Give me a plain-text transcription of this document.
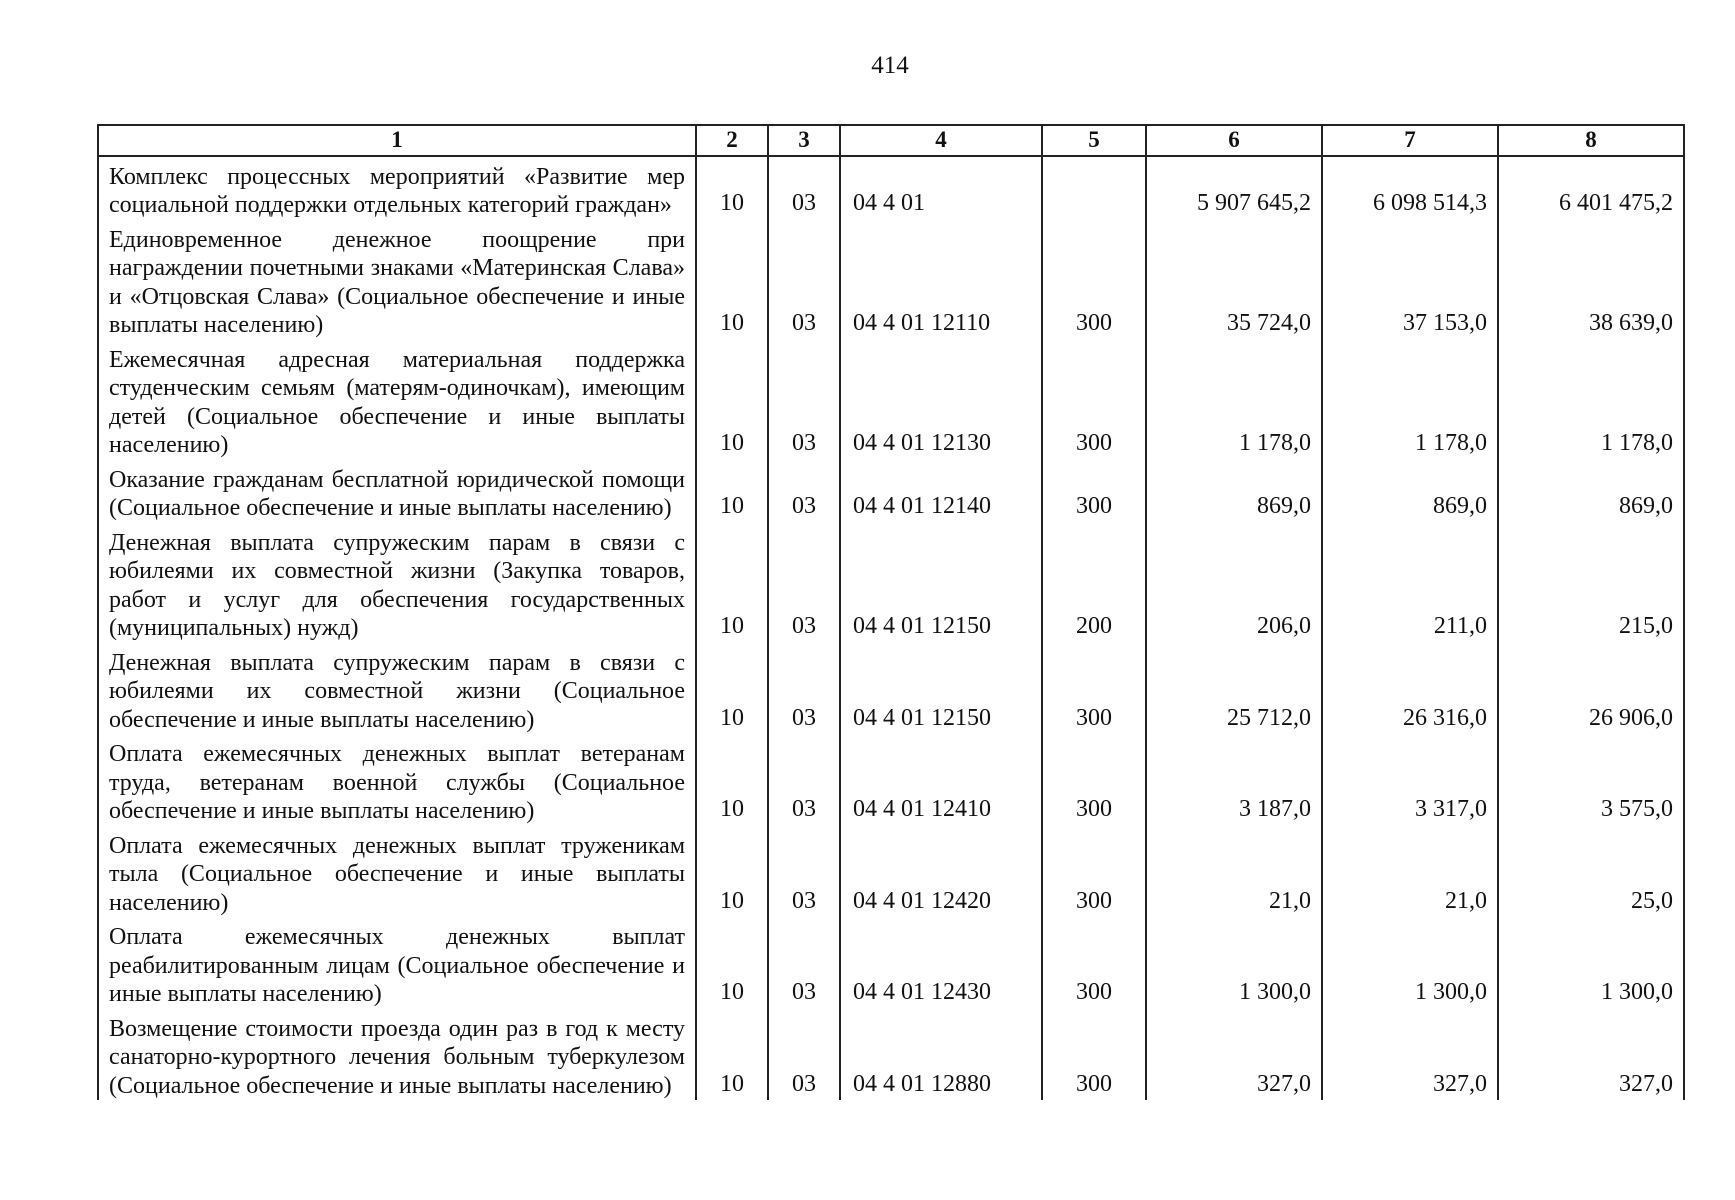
414
1	2	3	4	5	6	7	8
Комплекс процессных мероприятий «Развитие мер социальной поддержки отдельных категорий граждан»	10	03	04 4 01		5 907 645,2	6 098 514,3	6 401 475,2
Единовременное денежное поощрение при награждении почетными знаками «Материнская Слава» и «Отцовская Слава» (Социальное обеспечение и иные выплаты населению)	10	03	04 4 01 12110	300	35 724,0	37 153,0	38 639,0
Ежемесячная адресная материальная поддержка студенческим семьям (матерям-одиночкам), имеющим детей (Социальное обеспечение и иные выплаты населению)	10	03	04 4 01 12130	300	1 178,0	1 178,0	1 178,0
Оказание гражданам бесплатной юридической помощи (Социальное обеспечение и иные выплаты населению)	10	03	04 4 01 12140	300	869,0	869,0	869,0
Денежная выплата супружеским парам в связи с юбилеями их совместной жизни (Закупка товаров, работ и услуг для обеспечения государственных (муниципальных) нужд)	10	03	04 4 01 12150	200	206,0	211,0	215,0
Денежная выплата супружеским парам в связи с юбилеями их совместной жизни (Социальное обеспечение и иные выплаты населению)	10	03	04 4 01 12150	300	25 712,0	26 316,0	26 906,0
Оплата ежемесячных денежных выплат ветеранам труда, ветеранам военной службы (Социальное обеспечение и иные выплаты населению)	10	03	04 4 01 12410	300	3 187,0	3 317,0	3 575,0
Оплата ежемесячных денежных выплат труженикам тыла (Социальное обеспечение и иные выплаты населению)	10	03	04 4 01 12420	300	21,0	21,0	25,0
Оплата ежемесячных денежных выплат реабилитированным лицам (Социальное обеспечение и иные выплаты населению)	10	03	04 4 01 12430	300	1 300,0	1 300,0	1 300,0
Возмещение стоимости проезда один раз в год к месту санаторно-курортного лечения больным туберкулезом (Социальное обеспечение и иные выплаты населению)	10	03	04 4 01 12880	300	327,0	327,0	327,0
